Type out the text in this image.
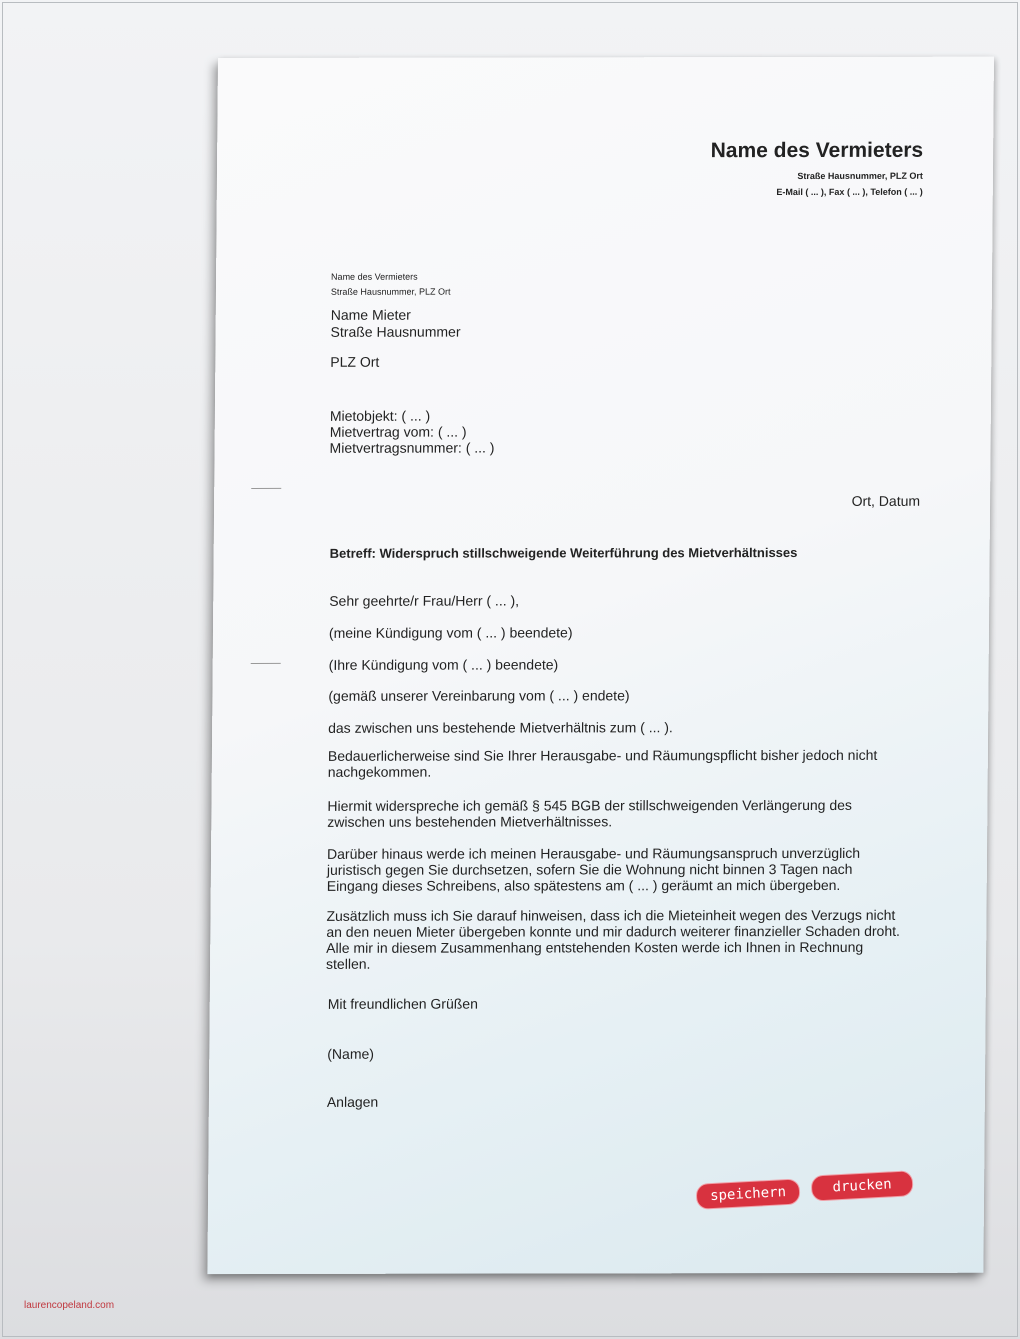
Name des Vermieters
Straße Hausnummer, PLZ Ort
E-Mail ( ... ), Fax ( ... ), Telefon ( ... )
Name des Vermieters
Straße Hausnummer, PLZ Ort
Name Mieter
Straße Hausnummer
PLZ Ort
Mietobjekt: ( ... )
Mietvertrag vom: ( ... )
Mietvertragsnummer: ( ... )
Ort, Datum
Betreff: Widerspruch stillschweigende Weiterführung des Mietverhältnisses
Sehr geehrte/r Frau/Herr ( ... ),
(meine Kündigung vom ( ... ) beendete)
(Ihre Kündigung vom ( ... ) beendete)
(gemäß unserer Vereinbarung vom ( ... ) endete)
das zwischen uns bestehende Mietverhältnis zum ( ... ).
Bedauerlicherweise sind Sie Ihrer Herausgabe- und Räumungspflicht bisher jedoch nicht nachgekommen.
Hiermit widerspreche ich gemäß § 545 BGB der stillschweigenden Verlängerung des zwischen uns bestehenden Mietverhältnisses.
Darüber hinaus werde ich meinen Herausgabe- und Räumungsanspruch unverzüglich juristisch gegen Sie durchsetzen, sofern Sie die Wohnung nicht binnen 3 Tagen nach Eingang dieses Schreibens, also spätestens am ( ... ) geräumt an mich übergeben.
Zusätzlich muss ich Sie darauf hinweisen, dass ich die Mieteinheit wegen des Verzugs nicht an den neuen Mieter übergeben konnte und mir dadurch weiterer finanzieller Schaden droht. Alle mir in diesem Zusammenhang entstehenden Kosten werde ich Ihnen in Rechnung stellen.
Mit freundlichen Grüßen
(Name)
Anlagen
speichern	drucken
laurencopeland.com
